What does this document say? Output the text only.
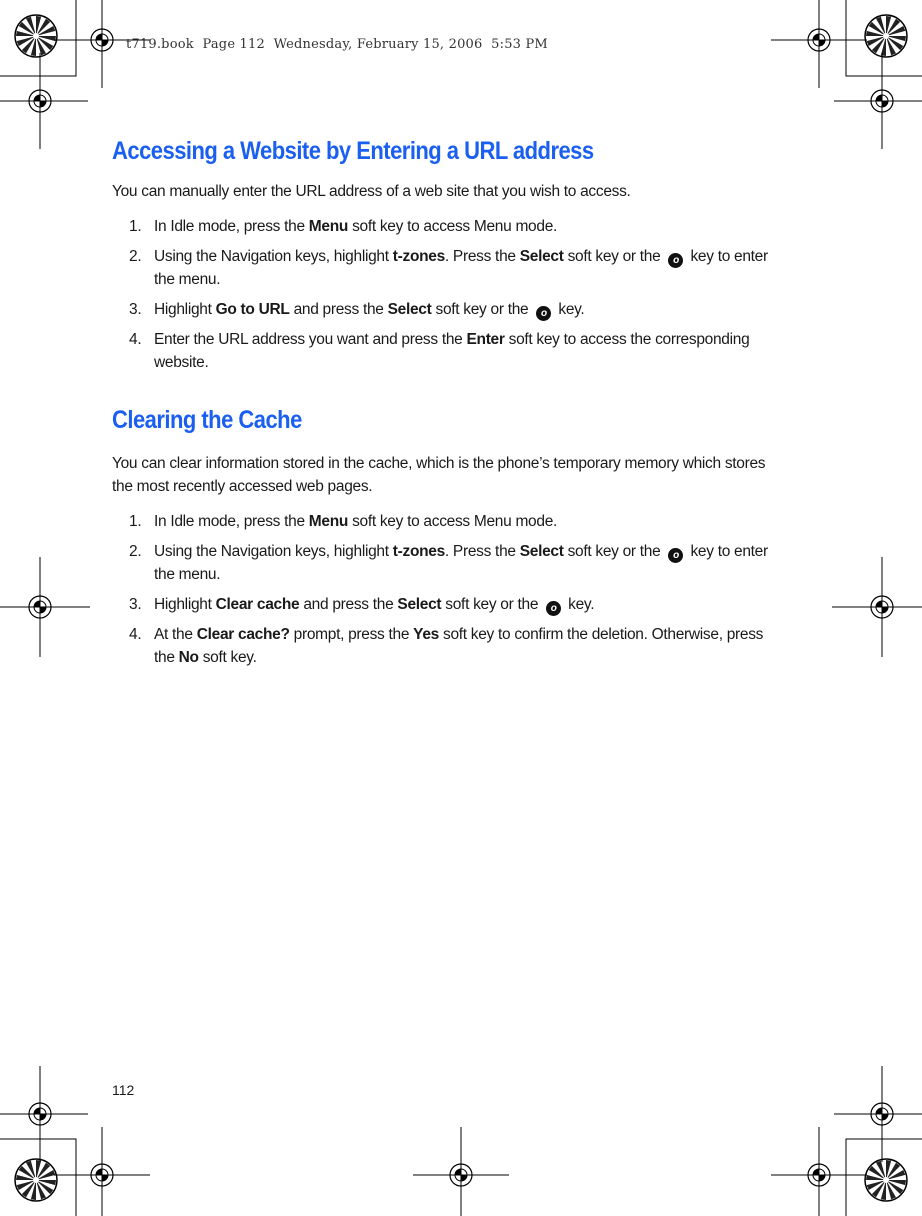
t719.book  Page 112  Wednesday, February 15, 2006  5:53 PM
Accessing a Website by Entering a URL address

You can manually enter the URL address of a web site that you wish to access.

1. In Idle mode, press the Menu soft key to access Menu mode.
2. Using the Navigation keys, highlight t-zones. Press the Select soft key or the o key to enter the menu.
3. Highlight Go to URL and press the Select soft key or the o key.
4. Enter the URL address you want and press the Enter soft key to access the corresponding website.
Clearing the Cache

You can clear information stored in the cache, which is the phone’s temporary memory which stores the most recently accessed web pages.

1. In Idle mode, press the Menu soft key to access Menu mode.
2. Using the Navigation keys, highlight t-zones. Press the Select soft key or the o key to enter the menu.
3. Highlight Clear cache and press the Select soft key or the o key.
4. At the Clear cache? prompt, press the Yes soft key to confirm the deletion. Otherwise, press the No soft key.
112
